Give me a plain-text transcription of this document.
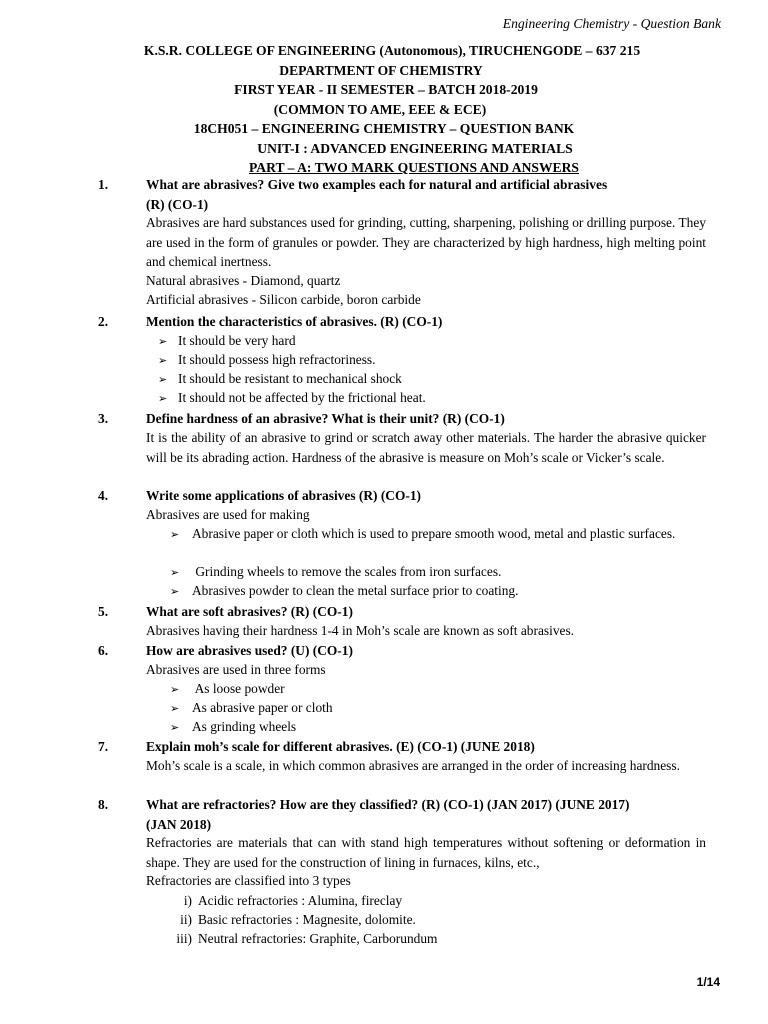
Engineering Chemistry - Question Bank
K.S.R. COLLEGE OF ENGINEERING (Autonomous), TIRUCHENGODE – 637 215
DEPARTMENT OF CHEMISTRY
FIRST YEAR - II SEMESTER – BATCH 2018-2019
(COMMON TO AME, EEE & ECE)
18CH051 – ENGINEERING CHEMISTRY – QUESTION BANK
UNIT-I : ADVANCED ENGINEERING MATERIALS
PART – A: TWO MARK QUESTIONS AND ANSWERS
1.	What are abrasives? Give two examples each for natural and artificial abrasives
(R) (CO-1)
Abrasives are hard substances used for grinding, cutting, sharpening, polishing or drilling purpose. They are used in the form of granules or powder. They are characterized by high hardness, high melting point and chemical inertness.
Natural abrasives - Diamond, quartz
Artificial abrasives - Silicon carbide, boron carbide
2.	Mention the characteristics of abrasives. (R) (CO-1)
➢ It should be very hard
➢ It should possess high refractoriness.
➢ It should be resistant to mechanical shock
➢ It should not be affected by the frictional heat.
3.	Define hardness of an abrasive? What is their unit? (R) (CO-1)
It is the ability of an abrasive to grind or scratch away other materials. The harder the abrasive quicker will be its abrading action. Hardness of the abrasive is measure on Moh’s scale or Vicker’s scale.
4.	Write some applications of abrasives (R) (CO-1)
Abrasives are used for making
➢ Abrasive paper or cloth which is used to prepare smooth wood, metal and plastic surfaces.
➢ Grinding wheels to remove the scales from iron surfaces.
➢ Abrasives powder to clean the metal surface prior to coating.
5.	What are soft abrasives? (R) (CO-1)
Abrasives having their hardness 1-4 in Moh’s scale are known as soft abrasives.
6.	How are abrasives used? (U) (CO-1)
Abrasives are used in three forms
➢ As loose powder
➢ As abrasive paper or cloth
➢ As grinding wheels
7.	Explain moh’s scale for different abrasives. (E) (CO-1) (JUNE 2018)
Moh’s scale is a scale, in which common abrasives are arranged in the order of increasing hardness.
8.	What are refractories? How are they classified? (R) (CO-1) (JAN 2017) (JUNE 2017)
(JAN 2018)
Refractories are materials that can with stand high temperatures without softening or deformation in shape. They are used for the construction of lining in furnaces, kilns, etc.,
Refractories are classified into 3 types
i) Acidic refractories : Alumina, fireclay
ii) Basic refractories : Magnesite, dolomite.
iii) Neutral refractories: Graphite, Carborundum
1/14
